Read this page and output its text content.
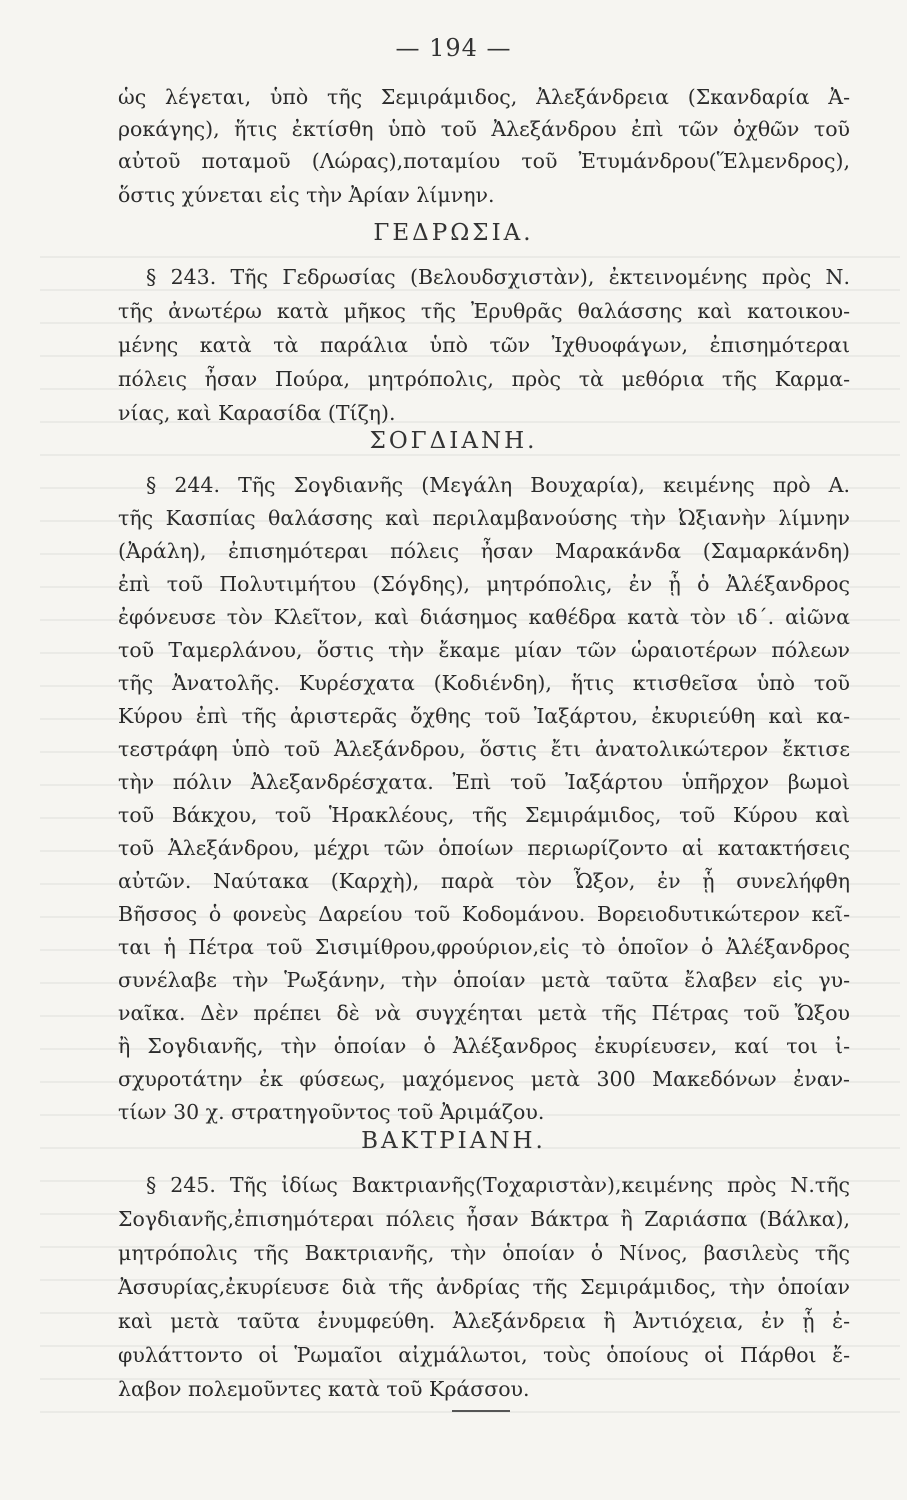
— 194 —
ὡς λέγεται, ὑπὸ τῆς Σεμιράμιδος, Ἀλεξάνδρεια (Σκανδαρία Ἀ-
ροκάγης), ἥτις ἐκτίσθη ὑπὸ τοῦ Ἀλεξάνδρου ἐπὶ τῶν ὀχθῶν τοῦ
αὐτοῦ ποταμοῦ (Λώρας),ποταμίου τοῦ Ἐτυμάνδρου(Ἕλμενδρος),
ὅστις χύνεται εἰς τὴν Ἀρίαν λίμνην.
ΓΕΔΡΩΣΙΑ.
§ 243. Τῆς Γεδρωσίας (Βελουδσχιστὰν), ἐκτεινομένης πρὸς Ν.
τῆς ἀνωτέρω κατὰ μῆκος τῆς Ἐρυθρᾶς θαλάσσης καὶ κατοικου-
μένης κατὰ τὰ παράλια ὑπὸ τῶν Ἰχθυοφάγων, ἐπισημότεραι
πόλεις ἦσαν Πούρα, μητρόπολις, πρὸς τὰ μεθόρια τῆς Καρμα-
νίας, καὶ Καρασίδα (Τίζη).
ΣΟΓΔΙΑΝΗ.
§ 244. Τῆς Σογδιανῆς (Μεγάλη Βουχαρία), κειμένης πρὸ Α.
τῆς Κασπίας θαλάσσης καὶ περιλαμβανούσης τὴν Ὠξιανὴν λίμνην
(Ἀράλη), ἐπισημότεραι πόλεις ἦσαν Μαρακάνδα (Σαμαρκάνδη)
ἐπὶ τοῦ Πολυτιμήτου (Σόγδης), μητρόπολις, ἐν ᾗ ὁ Ἀλέξανδρος
ἐφόνευσε τὸν Κλεῖτον, καὶ διάσημος καθέδρα κατὰ τὸν ιδ΄. αἰῶνα
τοῦ Ταμερλάνου, ὅστις τὴν ἔκαμε μίαν τῶν ὡραιοτέρων πόλεων
τῆς Ἀνατολῆς. Κυρέσχατα (Κοδιένδη), ἥτις κτισθεῖσα ὑπὸ τοῦ
Κύρου ἐπὶ τῆς ἀριστερᾶς ὄχθης τοῦ Ἰαξάρτου, ἐκυριεύθη καὶ κα-
τεστράφη ὑπὸ τοῦ Ἀλεξάνδρου, ὅστις ἔτι ἀνατολικώτερον ἔκτισε
τὴν πόλιν Ἀλεξανδρέσχατα. Ἐπὶ τοῦ Ἰαξάρτου ὑπῆρχον βωμοὶ
τοῦ Βάκχου, τοῦ Ἡρακλέους, τῆς Σεμιράμιδος, τοῦ Κύρου καὶ
τοῦ Ἀλεξάνδρου, μέχρι τῶν ὁποίων περιωρίζοντο αἱ κατακτήσεις
αὐτῶν. Ναύτακα (Καρχὴ), παρὰ τὸν Ὦξον, ἐν ᾗ συνελήφθη
Βῆσσος ὁ φονεὺς Δαρείου τοῦ Κοδομάνου. Βορειοδυτικώτερον κεῖ-
ται ἡ Πέτρα τοῦ Σισιμίθρου,φρούριον,εἰς τὸ ὁποῖον ὁ Ἀλέξανδρος
συνέλαβε τὴν Ῥωξάνην, τὴν ὁποίαν μετὰ ταῦτα ἔλαβεν εἰς γυ-
ναῖκα. Δὲν πρέπει δὲ νὰ συγχέηται μετὰ τῆς Πέτρας τοῦ Ὤξου
ἢ Σογδιανῆς, τὴν ὁποίαν ὁ Ἀλέξανδρος ἐκυρίευσεν, καί τοι ἰ-
σχυροτάτην ἐκ φύσεως, μαχόμενος μετὰ 300 Μακεδόνων ἐναν-
τίων 30 χ. στρατηγοῦντος τοῦ Ἀριμάζου.
ΒΑΚΤΡΙΑΝΗ.
§ 245. Τῆς ἰδίως Βακτριανῆς(Τοχαριστὰν),κειμένης πρὸς Ν.τῆς
Σογδιανῆς,ἐπισημότεραι πόλεις ἦσαν Βάκτρα ἢ Ζαριάσπα (Βάλκα),
μητρόπολις τῆς Βακτριανῆς, τὴν ὁποίαν ὁ Νίνος, βασιλεὺς τῆς
Ἀσσυρίας,ἐκυρίευσε διὰ τῆς ἀνδρίας τῆς Σεμιράμιδος, τὴν ὁποίαν
καὶ μετὰ ταῦτα ἐνυμφεύθη. Ἀλεξάνδρεια ἢ Ἀντιόχεια, ἐν ᾗ ἐ-
φυλάττοντο οἱ Ῥωμαῖοι αἰχμάλωτοι, τοὺς ὁποίους οἱ Πάρθοι ἔ-
λαβον πολεμοῦντες κατὰ τοῦ Κράσσου.
